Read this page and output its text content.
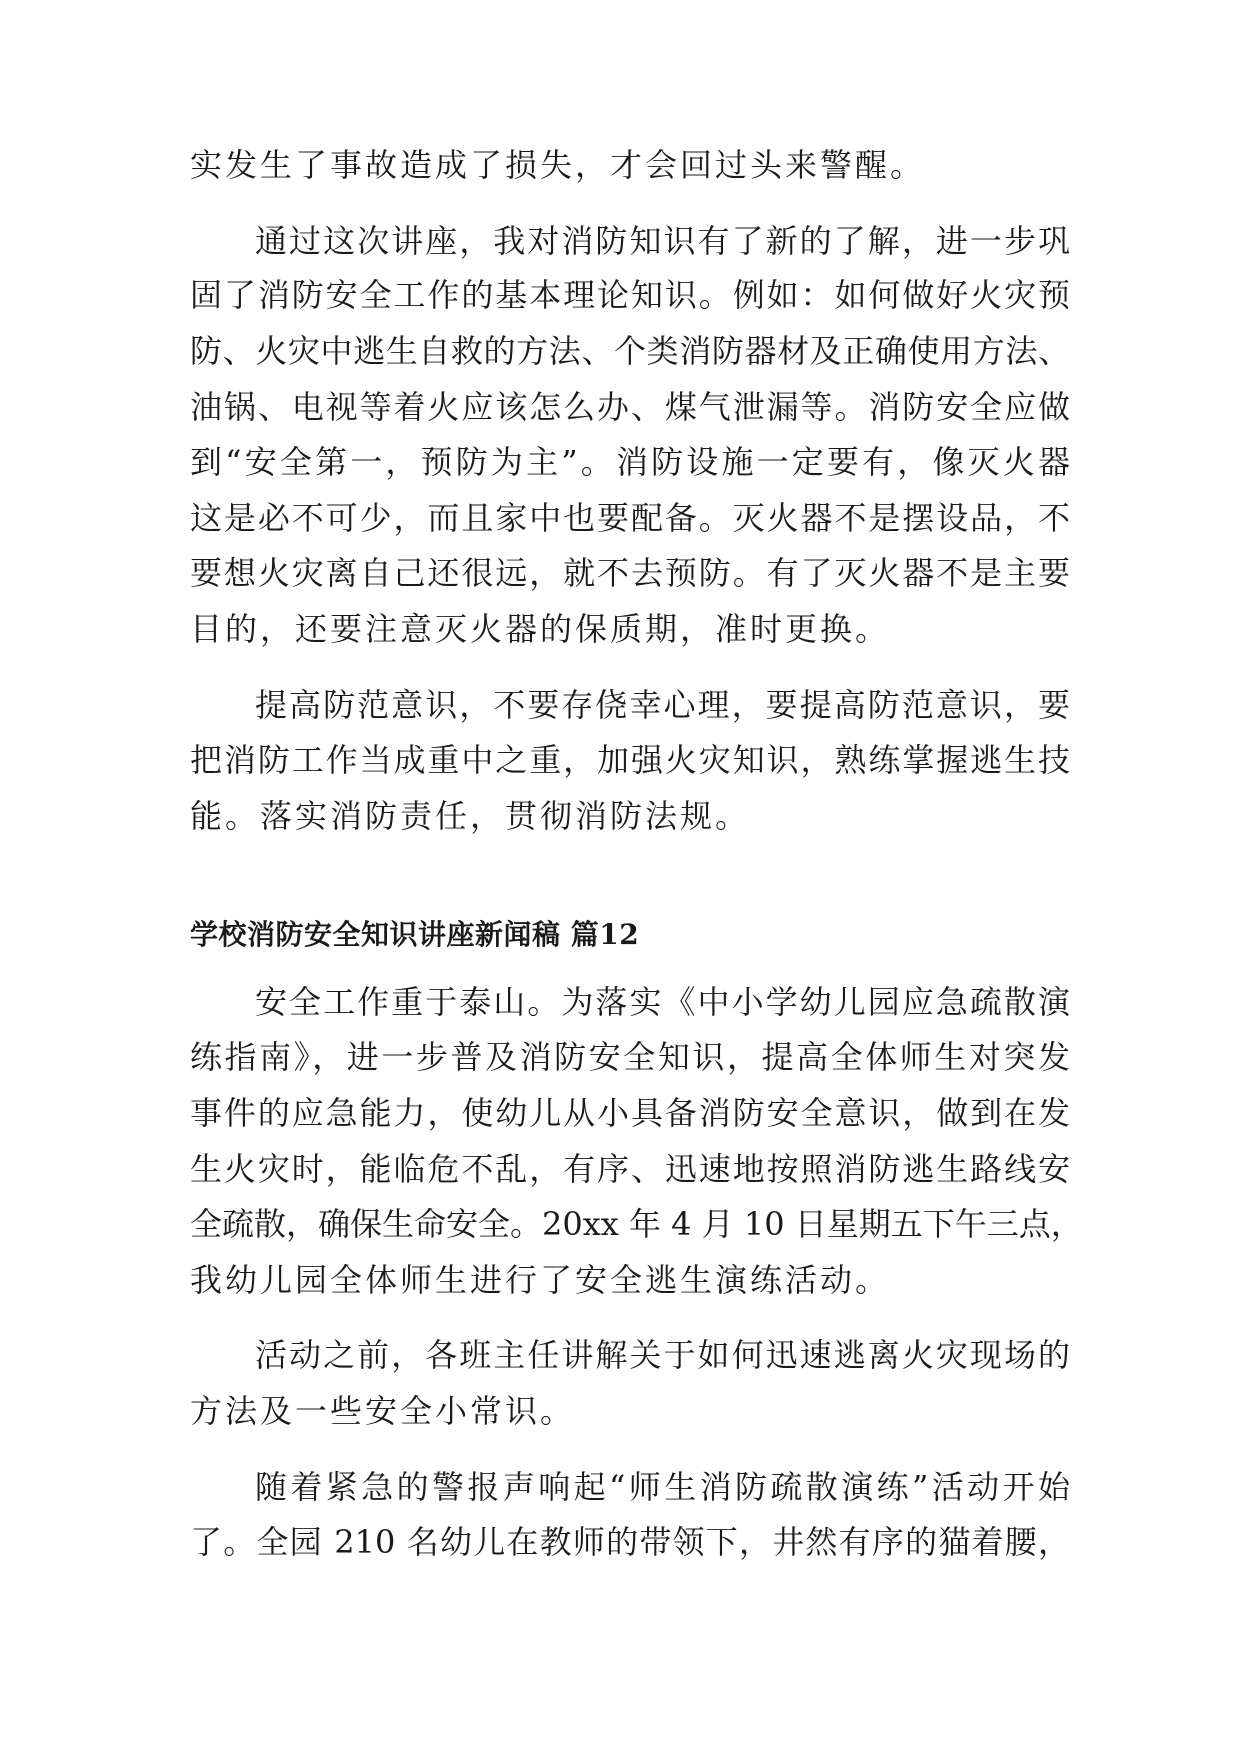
实发生了事故造成了损失，才会回过头来警醒。

通过这次讲座，我对消防知识有了新的了解，进一步巩

固了消防安全工作的基本理论知识。例如：如何做好火灾预

防、火灾中逃生自救的方法、个类消防器材及正确使用方法、

油锅、电视等着火应该怎么办、煤气泄漏等。消防安全应做

到“安全第一，预防为主”。消防设施一定要有，像灭火器

这是必不可少，而且家中也要配备。灭火器不是摆设品，不

要想火灾离自己还很远，就不去预防。有了灭火器不是主要

目的，还要注意灭火器的保质期，准时更换。

提高防范意识，不要存侥幸心理，要提高防范意识，要

把消防工作当成重中之重，加强火灾知识，熟练掌握逃生技

能。落实消防责任，贯彻消防法规。

学校消防安全知识讲座新闻稿 篇12

安全工作重于泰山。为落实《中小学幼儿园应急疏散演

练指南》，进一步普及消防安全知识，提高全体师生对突发

事件的应急能力，使幼儿从小具备消防安全意识，做到在发

生火灾时，能临危不乱，有序、迅速地按照消防逃生路线安

全疏散，确保生命安全。20xx 年 4 月 10 日星期五下午三点，

我幼儿园全体师生进行了安全逃生演练活动。

活动之前，各班主任讲解关于如何迅速逃离火灾现场的

方法及一些安全小常识。

随着紧急的警报声响起“师生消防疏散演练”活动开始

了。全园 210 名幼儿在教师的带领下，井然有序的猫着腰，
